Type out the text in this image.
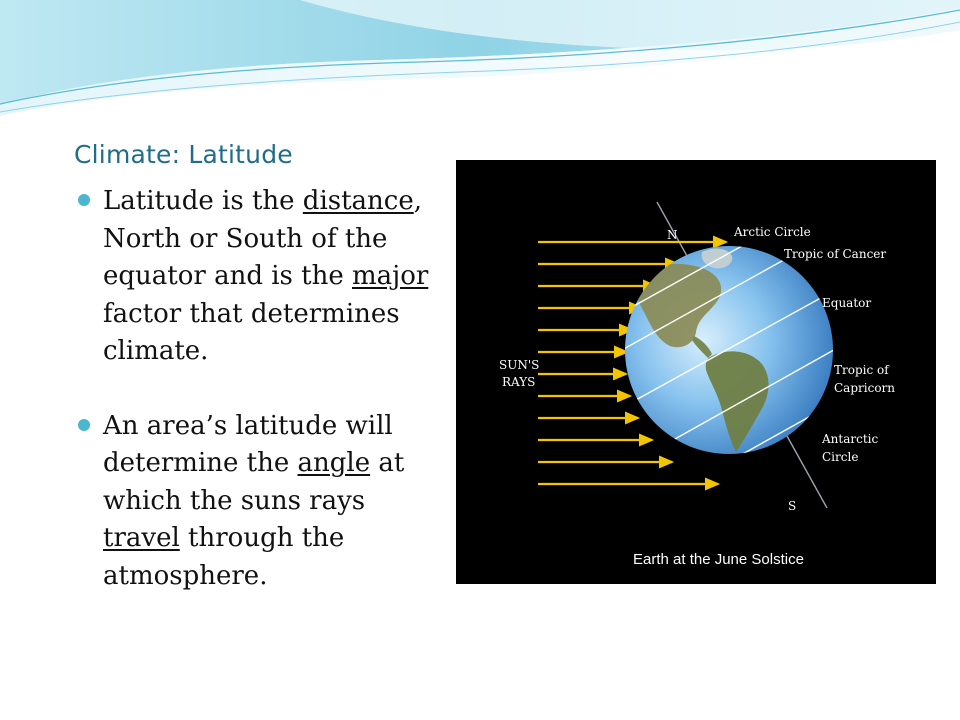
Climate: Latitude
Latitude is the distance, North or South of the equator and is the major factor that determines climate.
An area’s latitude will determine the angle at which the suns rays travel through the atmosphere.
N
S
SUN'S
RAYS
Arctic Circle
Tropic of Cancer
Equator
Tropic of
Capricorn
Antarctic
Circle
Earth at the June Solstice
